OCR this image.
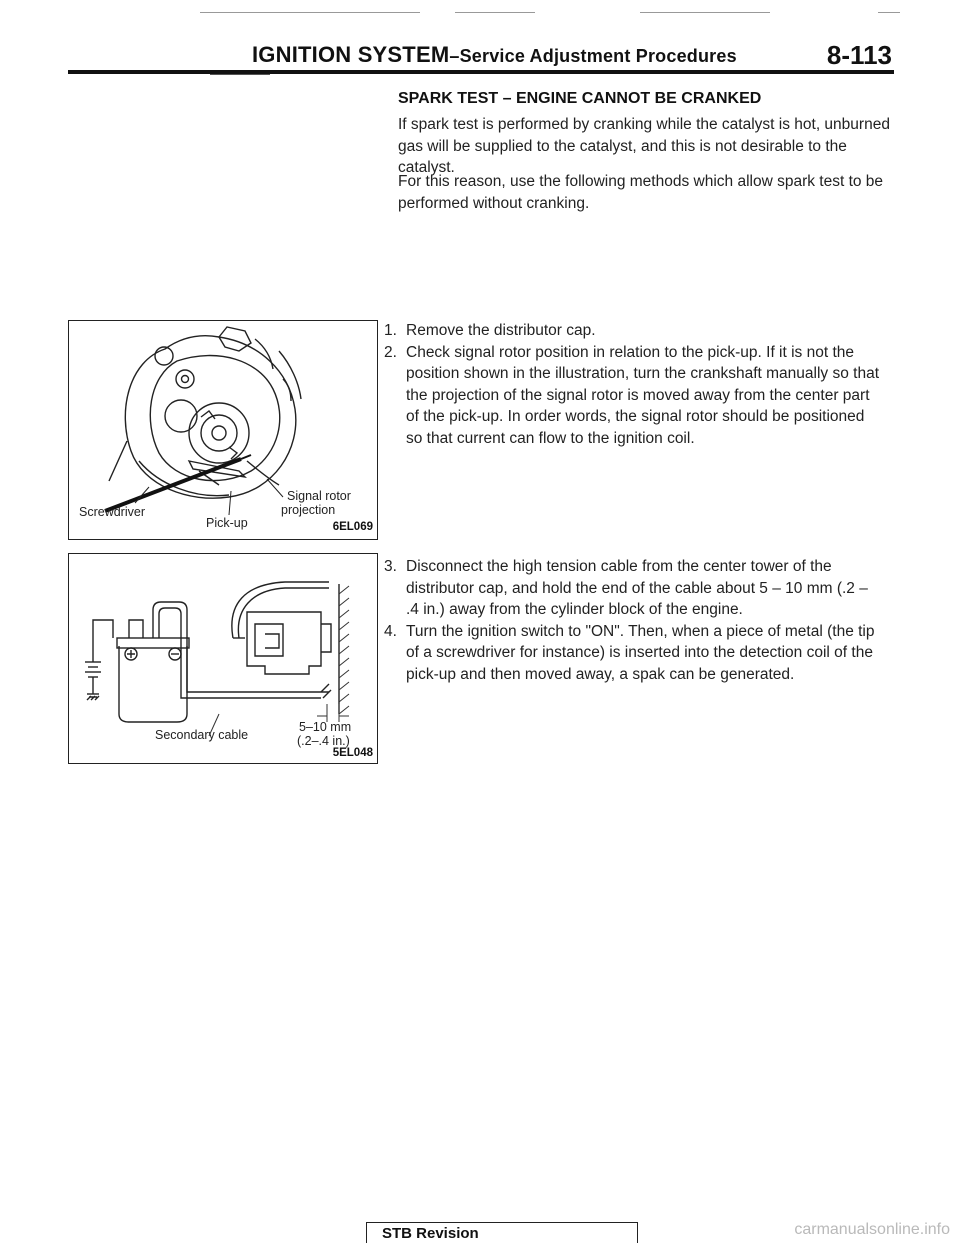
IGNITION SYSTEM–Service Adjustment Procedures	8-113
SPARK TEST – ENGINE CANNOT BE CRANKED
If spark test is performed by cranking while the catalyst is hot, unburned gas will be supplied to the catalyst, and this is not desirable to the catalyst.
For this reason, use the following methods which allow spark test to be performed without cranking.
1. Remove the distributor cap.
2. Check signal rotor position in relation to the pick-up. If it is not the position shown in the illustration, turn the crankshaft manually so that the projection of the signal rotor is moved away from the center part of the pick-up. In order words, the signal rotor should be positioned so that current can flow to the ignition coil.
3. Disconnect the high tension cable from the center tower of the distributor cap, and hold the end of the cable about 5 – 10 mm (.2 – .4 in.) away from the cylinder block of the engine.
4. Turn the ignition switch to "ON". Then, when a piece of metal (the tip of a screwdriver for instance) is inserted into the detection coil of the pick-up and then moved away, a spak can be generated.
Screwdriver
Pick-up
Signal rotor
projection
6EL069
Secondary cable
5–10 mm
(.2–.4 in.)
5EL048
STB Revision	carmanualsonline.info
